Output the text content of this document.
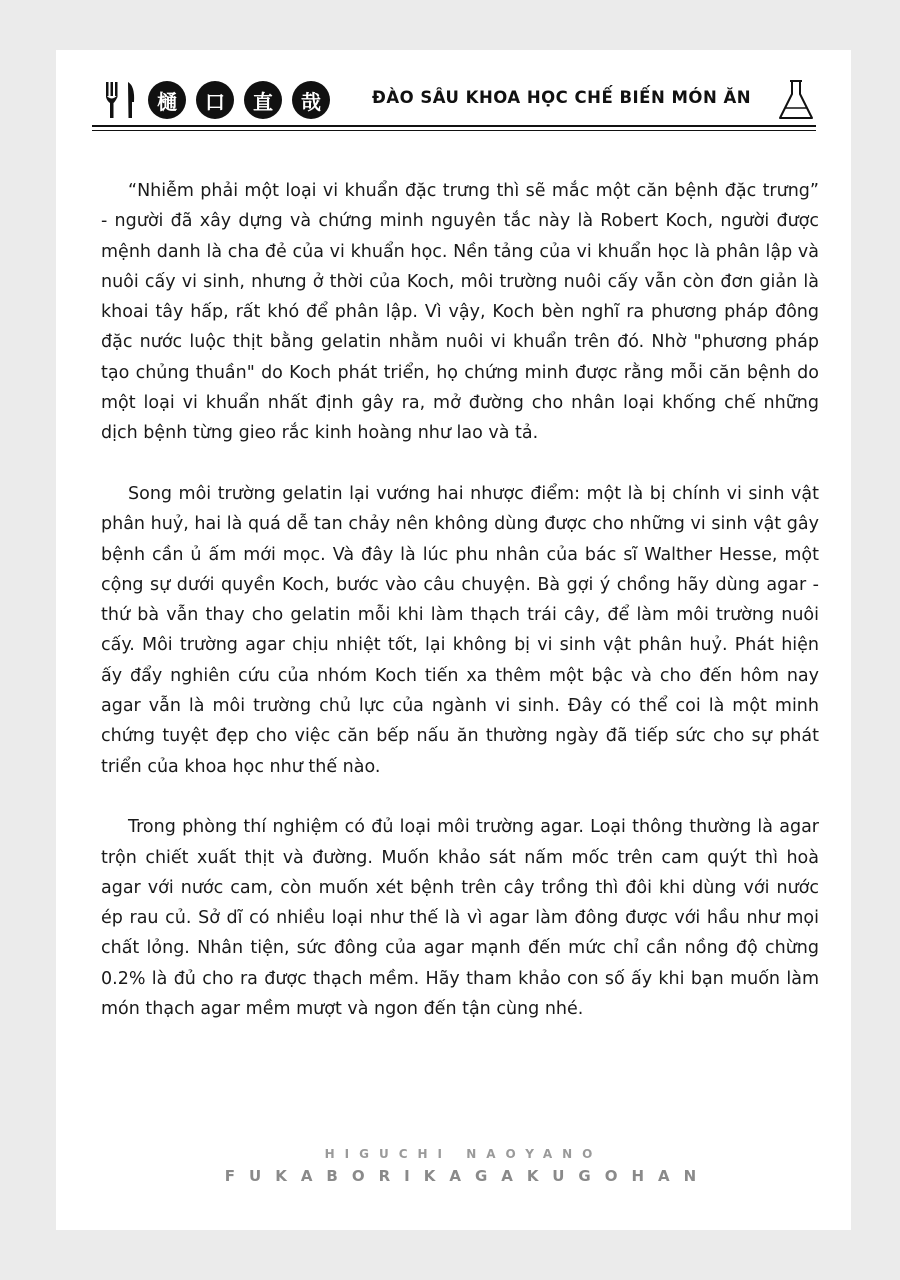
樋	口	直	哉	ĐÀO SÂU KHOA HỌC CHẾ BIẾN MÓN ĂN

“Nhiễm phải một loại vi khuẩn đặc trưng thì sẽ mắc một căn bệnh đặc trưng” - người đã xây dựng và chứng minh nguyên tắc này là Robert Koch, người được mệnh danh là cha đẻ của vi khuẩn học. Nền tảng của vi khuẩn học là phân lập và nuôi cấy vi sinh, nhưng ở thời của Koch, môi trường nuôi cấy vẫn còn đơn giản là khoai tây hấp, rất khó để phân lập. Vì vậy, Koch bèn nghĩ ra phương pháp đông đặc nước luộc thịt bằng gelatin nhằm nuôi vi khuẩn trên đó. Nhờ "phương pháp tạo chủng thuần" do Koch phát triển, họ chứng minh được rằng mỗi căn bệnh do một loại vi khuẩn nhất định gây ra, mở đường cho nhân loại khống chế những dịch bệnh từng gieo rắc kinh hoàng như lao và tả.

Song môi trường gelatin lại vướng hai nhược điểm: một là bị chính vi sinh vật phân huỷ, hai là quá dễ tan chảy nên không dùng được cho những vi sinh vật gây bệnh cần ủ ấm mới mọc. Và đây là lúc phu nhân của bác sĩ Walther Hesse, một cộng sự dưới quyền Koch, bước vào câu chuyện. Bà gợi ý chồng hãy dùng agar - thứ bà vẫn thay cho gelatin mỗi khi làm thạch trái cây, để làm môi trường nuôi cấy. Môi trường agar chịu nhiệt tốt, lại không bị vi sinh vật phân huỷ. Phát hiện ấy đẩy nghiên cứu của nhóm Koch tiến xa thêm một bậc và cho đến hôm nay agar vẫn là môi trường chủ lực của ngành vi sinh. Đây có thể coi là một minh chứng tuyệt đẹp cho việc căn bếp nấu ăn thường ngày đã tiếp sức cho sự phát triển của khoa học như thế nào.

Trong phòng thí nghiệm có đủ loại môi trường agar. Loại thông thường là agar trộn chiết xuất thịt và đường. Muốn khảo sát nấm mốc trên cam quýt thì hoà agar với nước cam, còn muốn xét bệnh trên cây trồng thì đôi khi dùng với nước ép rau củ. Sở dĩ có nhiều loại như thế là vì agar làm đông được với hầu như mọi chất lỏng. Nhân tiện, sức đông của agar mạnh đến mức chỉ cần nồng độ chừng 0.2% là đủ cho ra được thạch mềm. Hãy tham khảo con số ấy khi bạn muốn làm món thạch agar mềm mượt và ngon đến tận cùng nhé.

HIGUCHI NAOYANO
FUKABORIKAGAKUGOHAN
